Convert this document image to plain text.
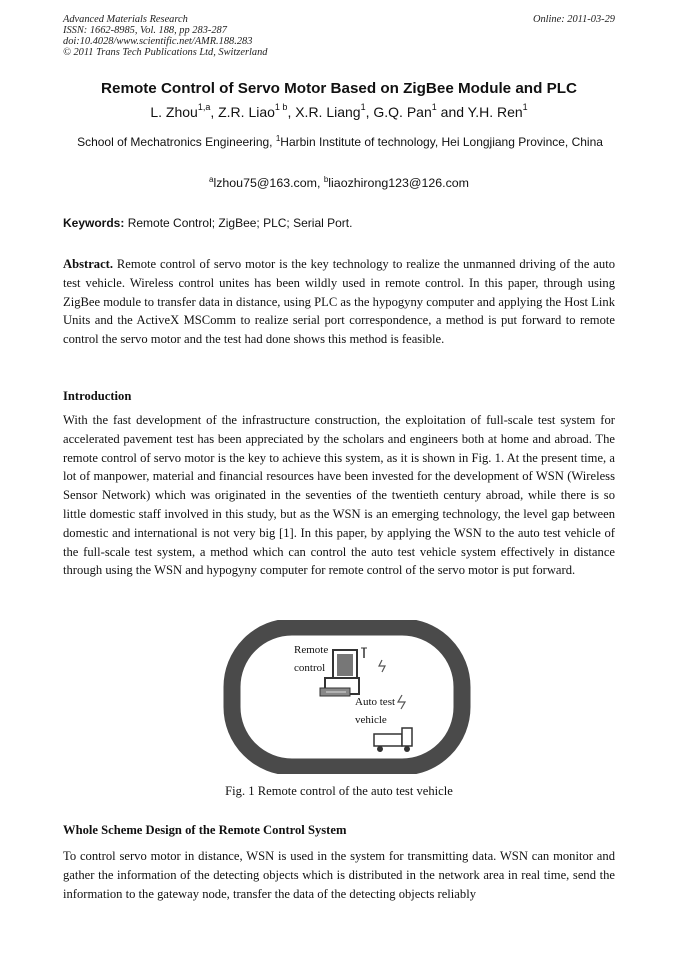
Advanced Materials Research
ISSN: 1662-8985, Vol. 188, pp 283-287
doi:10.4028/www.scientific.net/AMR.188.283
© 2011 Trans Tech Publications Ltd, Switzerland
Online: 2011-03-29
Remote Control of Servo Motor Based on ZigBee Module and PLC
L. Zhou$^{1,a}$, Z.R. Liao$^{1 b}$, X.R. Liang$^1$, G.Q. Pan$^1$ and Y.H. Ren$^1$
School of Mechatronics Engineering, $^1$Harbin Institute of technology, Hei Longjiang Province, China
$^a$lzhou75@163.com, $^b$liaozhirong123@126.com
Keywords: Remote Control; ZigBee; PLC; Serial Port.
Abstract. Remote control of servo motor is the key technology to realize the unmanned driving of the auto test vehicle. Wireless control unites has been wildly used in remote control. In this paper, through using ZigBee module to transfer data in distance, using PLC as the hypogyny computer and applying the Host Link Units and the ActiveX MSComm to realize serial port correspondence, a method is put forward to remote control the servo motor and the test had done shows this method is feasible.
Introduction
With the fast development of the infrastructure construction, the exploitation of full-scale test system for accelerated pavement test has been appreciated by the scholars and engineers both at home and abroad. The remote control of servo motor is the key to achieve this system, as it is shown in Fig. 1. At the present time, a lot of manpower, material and financial resources have been invested for the development of WSN (Wireless Sensor Network) which was originated in the seventies of the twentieth century abroad, while there is so little domestic staff involved in this study, but as the WSN is an emerging technology, the level gap between domestic and international is not very big [1]. In this paper, by applying the WSN to the auto test vehicle of the full-scale test system, a method which can control the auto test vehicle system effectively in distance through using the WSN and hypogyny computer for remote control of the servo motor is put forward.
Remote
control
Auto test
vehicle
Fig. 1 Remote control of the auto test vehicle
Whole Scheme Design of the Remote Control System
To control servo motor in distance, WSN is used in the system for transmitting data. WSN can monitor and gather the information of the detecting objects which is distributed in the network area in real time, send the information to the gateway node, transfer the data of the detecting objects reliably
